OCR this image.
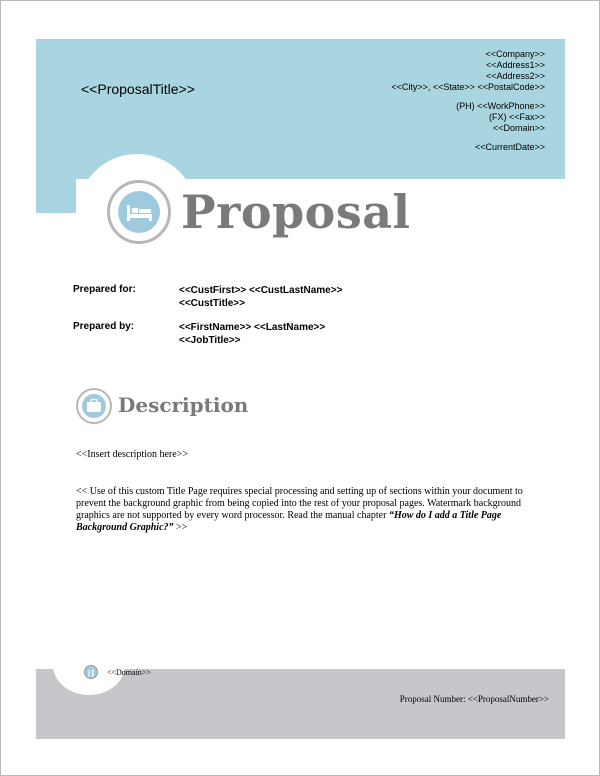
<<ProposalTitle>>
<<Company>>
<<Address1>>
<<Address2>>
<<City>>, <<State>> <<PostalCode>>
(PH) <<WorkPhone>>
(FX) <<Fax>>
<<Domain>>
<<CurrentDate>>
Proposal
Prepared for:	<<CustFirst>> <<CustLastName>>
<<CustTitle>>
Prepared by:	<<FirstName>> <<LastName>>
<<JobTitle>>
Description
<<Insert description here>>
<< Use of this custom Title Page requires special processing and setting up of sections within your document to prevent the background graphic from being copied into the rest of your proposal pages. Watermark background graphics are not supported by every word processor. Read the manual chapter “How do I add a Title Page Background Graphic?” >>
<<Domain>>
Proposal Number: <<ProposalNumber>>
